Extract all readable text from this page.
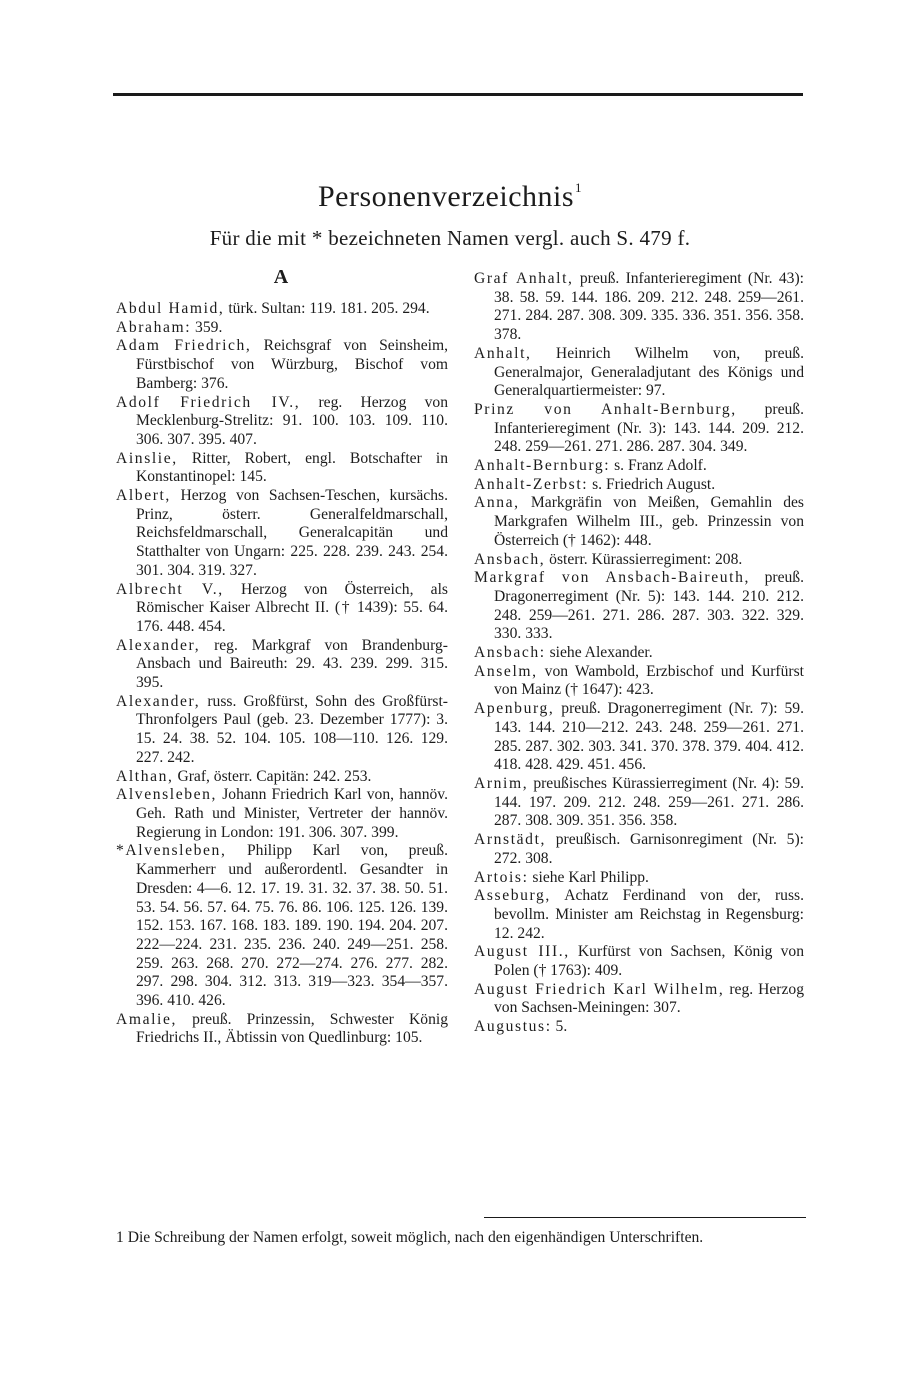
Personenverzeichnis$^1$
Für die mit * bezeichneten Namen vergl. auch S. 479 f.
A

Abdul Hamid, türk. Sultan: 119. 181. 205. 294.

Abraham: 359.

Adam Friedrich, Reichsgraf von Seinsheim, Fürstbischof von Würzburg, Bischof vom Bamberg: 376.

Adolf Friedrich IV., reg. Herzog von Mecklenburg-Strelitz: 91. 100. 103. 109. 110. 306. 307. 395. 407.

Ainslie, Ritter, Robert, engl. Botschafter in Konstantinopel: 145.

Albert, Herzog von Sachsen-Teschen, kursächs. Prinz, österr. Generalfeldmarschall, Reichsfeldmarschall, Generalcapitän und Statthalter von Ungarn: 225. 228. 239. 243. 254. 301. 304. 319. 327.

Albrecht V., Herzog von Österreich, als Römischer Kaiser Albrecht II. († 1439): 55. 64. 176. 448. 454.

Alexander, reg. Markgraf von Brandenburg-Ansbach und Baireuth: 29. 43. 239. 299. 315. 395.

Alexander, russ. Großfürst, Sohn des Großfürst-Thronfolgers Paul (geb. 23. Dezember 1777): 3. 15. 24. 38. 52. 104. 105. 108—110. 126. 129. 227. 242.

Althan, Graf, österr. Capitän: 242. 253.

Alvensleben, Johann Friedrich Karl von, hannöv. Geh. Rath und Minister, Vertreter der hannöv. Regierung in London: 191. 306. 307. 399.

*Alvensleben, Philipp Karl von, preuß. Kammerherr und außerordentl. Gesandter in Dresden: 4—6. 12. 17. 19. 31. 32. 37. 38. 50. 51. 53. 54. 56. 57. 64. 75. 76. 86. 106. 125. 126. 139. 152. 153. 167. 168. 183. 189. 190. 194. 204. 207. 222—224. 231. 235. 236. 240. 249—251. 258. 259. 263. 268. 270. 272—274. 276. 277. 282. 297. 298. 304. 312. 313. 319—323. 354—357. 396. 410. 426.

Amalie, preuß. Prinzessin, Schwester König Friedrichs II., Äbtissin von Quedlinburg: 105.

Graf Anhalt, preuß. Infanterieregiment (Nr. 43): 38. 58. 59. 144. 186. 209. 212. 248. 259—261. 271. 284. 287. 308. 309. 335. 336. 351. 356. 358. 378.

Anhalt, Heinrich Wilhelm von, preuß. Generalmajor, Generaladjutant des Königs und Generalquartiermeister: 97.

Prinz von Anhalt-Bernburg, preuß. Infanterieregiment (Nr. 3): 143. 144. 209. 212. 248. 259—261. 271. 286. 287. 304. 349.

Anhalt-Bernburg: s. Franz Adolf.

Anhalt-Zerbst: s. Friedrich August.

Anna, Markgräfin von Meißen, Gemahlin des Markgrafen Wilhelm III., geb. Prinzessin von Österreich († 1462): 448.

Ansbach, österr. Kürassierregiment: 208.

Markgraf von Ansbach-Baireuth, preuß. Dragonerregiment (Nr. 5): 143. 144. 210. 212. 248. 259—261. 271. 286. 287. 303. 322. 329. 330. 333.

Ansbach: siehe Alexander.

Anselm, von Wambold, Erzbischof und Kurfürst von Mainz († 1647): 423.

Apenburg, preuß. Dragonerregiment (Nr. 7): 59. 143. 144. 210—212. 243. 248. 259—261. 271. 285. 287. 302. 303. 341. 370. 378. 379. 404. 412. 418. 428. 429. 451. 456.

Arnim, preußisches Kürassierregiment (Nr. 4): 59. 144. 197. 209. 212. 248. 259—261. 271. 286. 287. 308. 309. 351. 356. 358.

Arnstädt, preußisch. Garnisonregiment (Nr. 5): 272. 308.

Artois: siehe Karl Philipp.

Asseburg, Achatz Ferdinand von der, russ. bevollm. Minister am Reichstag in Regensburg: 12. 242.

August III., Kurfürst von Sachsen, König von Polen († 1763): 409.

August Friedrich Karl Wilhelm, reg. Herzog von Sachsen-Meiningen: 307.

Augustus: 5.

1 Die Schreibung der Namen erfolgt, soweit möglich, nach den eigenhändigen Unterschriften.
